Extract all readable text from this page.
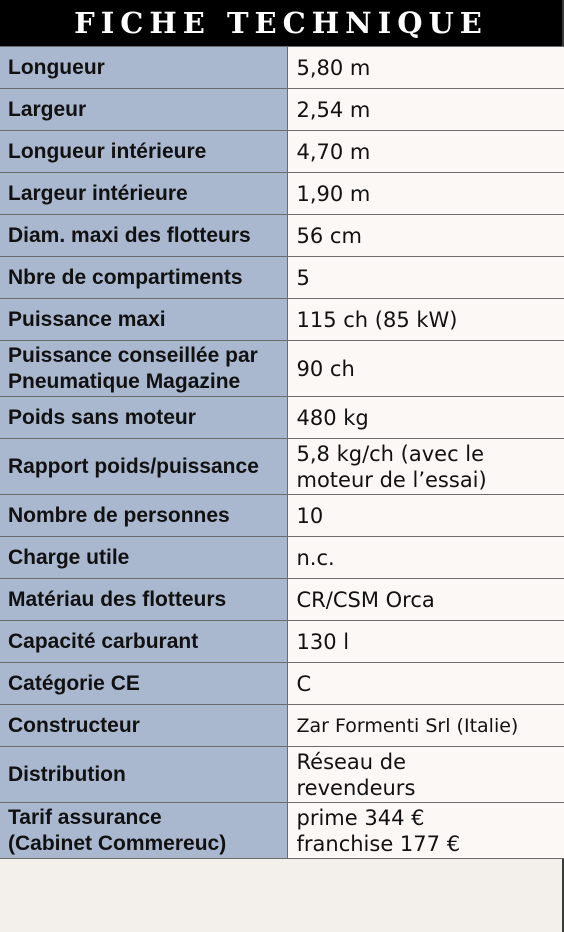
FICHE TECHNIQUE
Longueur	5,80 m
Largeur	2,54 m
Longueur intérieure	4,70 m
Largeur intérieure	1,90 m
Diam. maxi des flotteurs	56 cm
Nbre de compartiments	5
Puissance maxi	115 ch (85 kW)
Puissance conseillée par Pneumatique Magazine	90 ch
Poids sans moteur	480 kg
Rapport poids/puissance	5,8 kg/ch (avec le moteur de l’essai)
Nombre de personnes	10
Charge utile	n.c.
Matériau des flotteurs	CR/CSM Orca
Capacité carburant	130 l
Catégorie CE	C
Constructeur	Zar Formenti Srl (Italie)
Distribution	Réseau de revendeurs
Tarif assurance (Cabinet Commereuc)	prime 344 € franchise 177 €
